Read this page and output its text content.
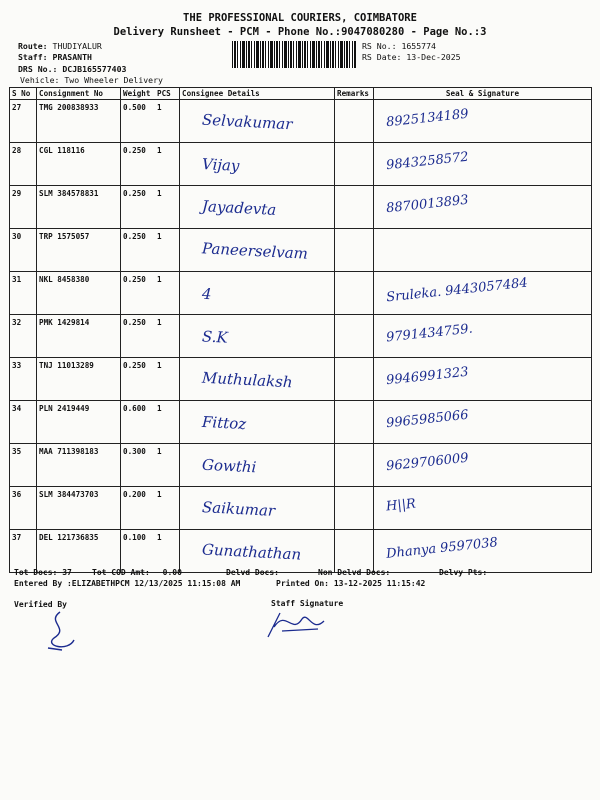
THE PROFESSIONAL COURIERS, COIMBATORE
Delivery Runsheet - PCM - Phone No.:9047080280 - Page No.:3
Route: THUDIYALUR
Staff: PRASANTH
DRS No.: DCJB165577403
Vehicle: Two Wheeler Delivery
RS No.: 1655774
RS Date: 13-Dec-2025
S No	Consignment No	Weight	PCS	Consignee Details	Remarks	Seal & Signature
27	TMG 200838933	0.500	1	Selvakumar		8925134189
28	CGL 118116	0.250	1	Vijay		9843258572
29	SLM 384578831	0.250	1	Jayadevta		8870013893
30	TRP 1575057	0.250	1	Paneerselvam		
31	NKL 8458380	0.250	1	4		Sruleka. 9443057484
32	PMK 1429814	0.250	1	S.K		9791434759.
33	TNJ 11013289	0.250	1	Muthulaksh		9946991323
34	PLN 2419449	0.600	1	Fittoz		9965985066
35	MAA 711398183	0.300	1	Gowthi		9629706009
36	SLM 384473703	0.200	1	Saikumar		H||R
37	DEL 121736835	0.100	1	Gunathathan		Dhanya 9597038
Tot Docs: 37	Tot COD Amt: 0.00	Delvd Docs:	Non Delvd Docs:	Delvy Pts:
Entered By :ELIZABETHPCM 12/13/2025 11:15:08 AM	Printed On: 13-12-2025 11:15:42
Verified By	Staff Signature
